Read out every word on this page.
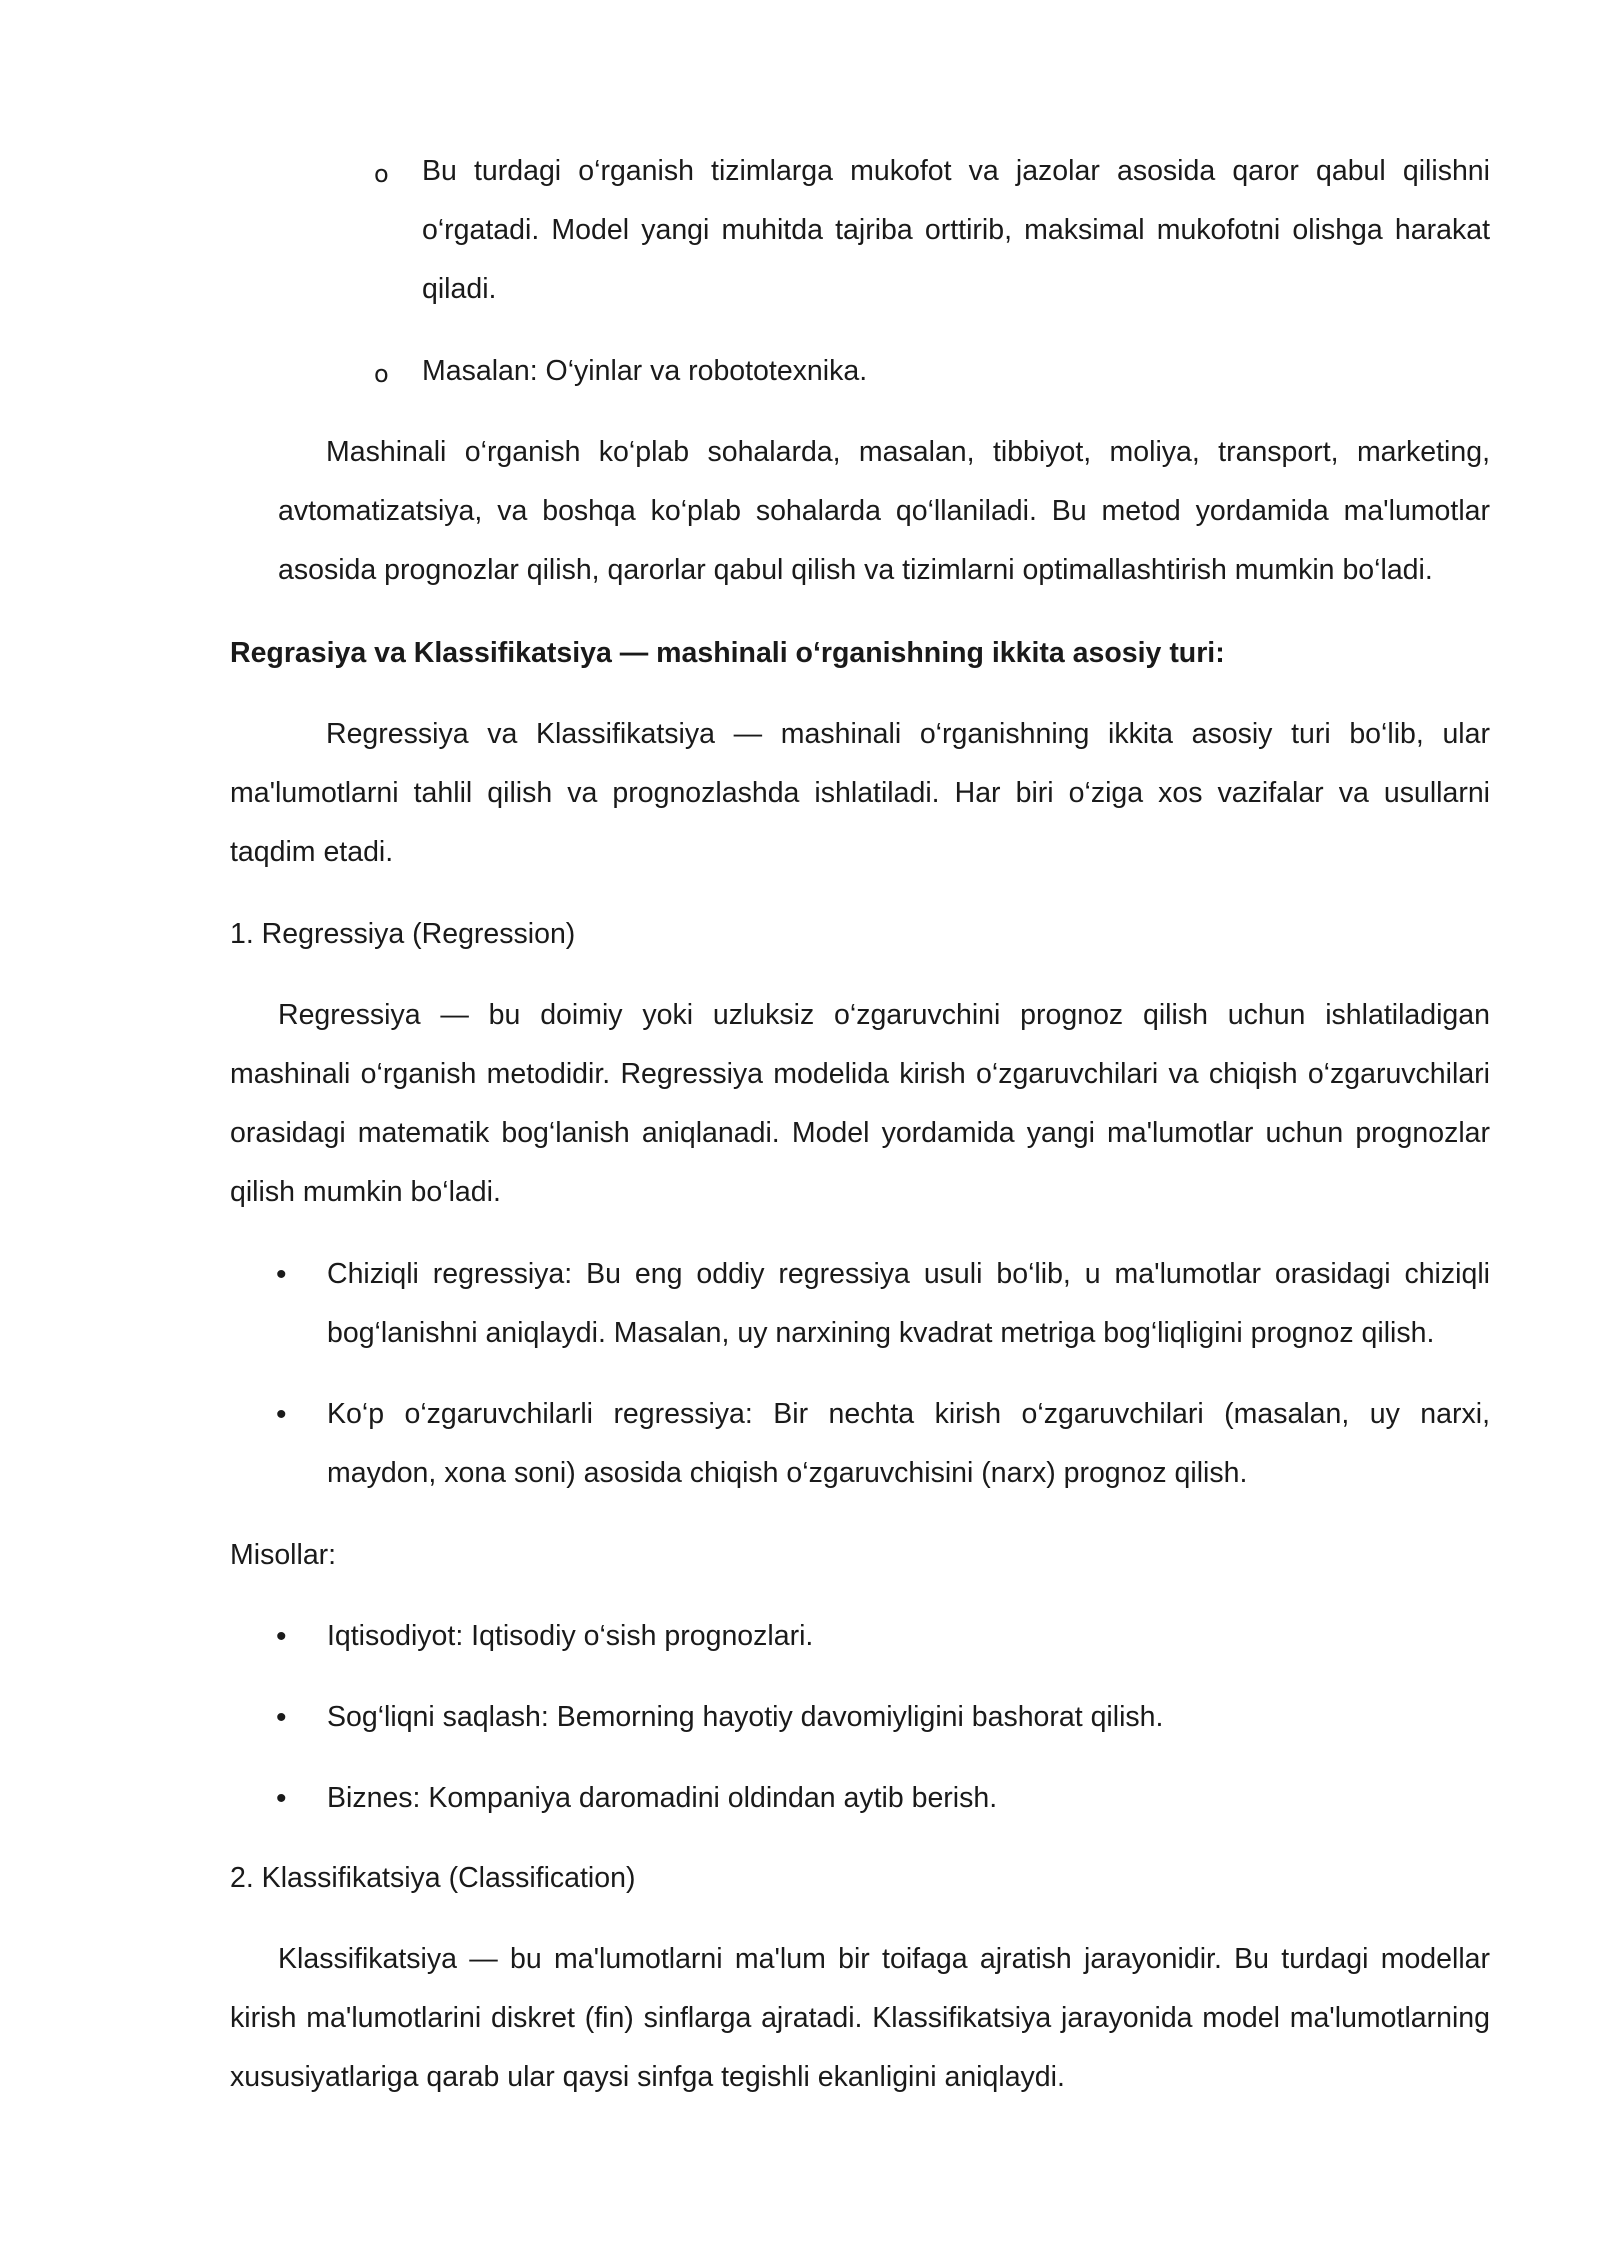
o Bu turdagi o‘rganish tizimlarga mukofot va jazolar asosida qaror qabul qilishni o‘rgatadi. Model yangi muhitda tajriba orttirib, maksimal mukofotni olishga harakat qiladi.

o Masalan: O‘yinlar va robototexnika.

Mashinali o‘rganish ko‘plab sohalarda, masalan, tibbiyot, moliya, transport, marketing, avtomatizatsiya, va boshqa ko‘plab sohalarda qo‘llaniladi. Bu metod yordamida ma'lumotlar asosida prognozlar qilish, qarorlar qabul qilish va tizimlarni optimallashtirish mumkin bo‘ladi.

Regrasiya va Klassifikatsiya — mashinali o‘rganishning ikkita asosiy turi:

Regressiya va Klassifikatsiya — mashinali o‘rganishning ikkita asosiy turi bo‘lib, ular ma'lumotlarni tahlil qilish va prognozlashda ishlatiladi. Har biri o‘ziga xos vazifalar va usullarni taqdim etadi.

1. Regressiya (Regression)

Regressiya — bu doimiy yoki uzluksiz o‘zgaruvchini prognoz qilish uchun ishlatiladigan mashinali o‘rganish metodidir. Regressiya modelida kirish o‘zgaruvchilari va chiqish o‘zgaruvchilari orasidagi matematik bog‘lanish aniqlanadi. Model yordamida yangi ma'lumotlar uchun prognozlar qilish mumkin bo‘ladi.

• Chiziqli regressiya: Bu eng oddiy regressiya usuli bo‘lib, u ma'lumotlar orasidagi chiziqli bog‘lanishni aniqlaydi. Masalan, uy narxining kvadrat metriga bog‘liqligini prognoz qilish.

• Ko‘p o‘zgaruvchilarli regressiya: Bir nechta kirish o‘zgaruvchilari (masalan, uy narxi, maydon, xona soni) asosida chiqish o‘zgaruvchisini (narx) prognoz qilish.

Misollar:

• Iqtisodiyot: Iqtisodiy o‘sish prognozlari.

• Sog‘liqni saqlash: Bemorning hayotiy davomiyligini bashorat qilish.

• Biznes: Kompaniya daromadini oldindan aytib berish.

2. Klassifikatsiya (Classification)

Klassifikatsiya — bu ma'lumotlarni ma'lum bir toifaga ajratish jarayonidir. Bu turdagi modellar kirish ma'lumotlarini diskret (fin) sinflarga ajratadi. Klassifikatsiya jarayonida model ma'lumotlarning xususiyatlariga qarab ular qaysi sinfga tegishli ekanligini aniqlaydi.
